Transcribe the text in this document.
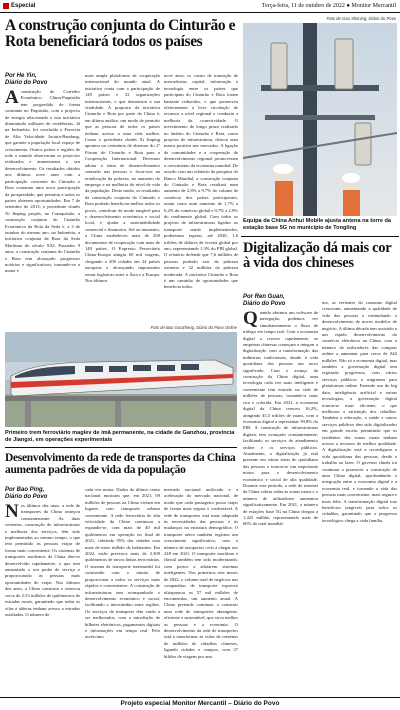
Especial	Terça-feira, 11 de outubro de 2022 ● Monitor Mercantil
A construção conjunta do Cinturão e Rota beneficiará todos os países
Por He Yin,
Diário do Povo
A construção do Corredor Económico China-Paquistão tem progredido de forma constante no Paquistão, com o projecto de energia relacionado a esta iniciativa diminuindo milhares de residências. Já na Indonésia, foi concluída a Ferrovia de Alta Velocidade Jacarta-Bandung, que garante a população local espaço de crescimento. Outros países e regiões de todo o mundo observaram os projectos realizados e aumentaram o seu desenvolvimento. Os resultados obtidos nos últimos nove anos com a participação crescente do Cinturão e Rota contaram uma nova participação da prosperidade, que permitiu a todos os países obterem oportunidades. Em 7 de setembro de 2013, o presidente chinês Xi Jinping propôs, no Cazaquistão, a construção conjunta do Cinturão Económico da Rota da Seda e, a 3 de outubro do mesmo ano, na Indonésia, a iniciativa conjunta da Rota da Seda Marítima do século XXI. Passados 9 anos, a construção conjunta do Cinturão e Rota tem alcançado progressos notórios e significativos, tornando-se a maior e

mais ampla plataforma de cooperação internacional do mundo atual. A iniciativa conta com a participação de 149 países e 32 organizações internacionais, o que demonstra a sua vitalidade. A proposta da iniciativa Cinturão e Rota por parte da China é, em última análise, um modo de permitir que as pessoas de todos os países tenham acesso a uma vida melhor. Como o presidente chinês Xi Jinping apontou na cerimónia de abertura do 2º Fórum do Cinturão e Rota para a Cooperação Internacional: Devemos adotar a ideia de desenvolvimento centrado nas pessoas e focar-nos na erradicação da pobreza, no aumento do emprego e na melhoria do nível de vida da população. Deste modo, os resultados da construção conjunta do Cinturão e Rota poderão beneficiar melhor todos os povos, contribuir de modo tangível para o desenvolvimento económico e social local, e ajudar a sustentabilidade comercial e financeira. Até ao momento, a China estabeleceu mais de 200 documentos de cooperação com mais de 149 países. O Expresso Ferroviário China-Europa atingiu 60 mil viagens, chegando a 200 cidades em 24 países europeus e alcançando importantes zonas logísticas entre a Ásia e a Europa. Nos últimos
nove anos, os custos de transação de mercadorias, capital, informação e tecnologia entre os países que participam do Cinturão e Rota foram bastante reduzidos, o que promoveu efetivamente a livre circulação de recursos a nível regional e conduziu a melhoria da conectividade. O investimento de longo prazo realizado no âmbito do Cinturão e Rota, como projetos de infraestrutura, deixou uma marca positiva nos mercados. A ligação de comunidades e a cooperação de desenvolvimento regional promoveram o crescimento da economia mundial. De acordo com um relatório da pesquisa do Banco Mundial, a construção conjunta do Cinturão e Rota resultará num aumento de 2,8% a 9,7% do volume de comércio dos países participantes, assim como num aumento de 1,7% a 6,2% do comércio global e 0,7% a 2,9% do rendimento global. Com todos os projetos de infraestruturas ligados ao transporte sendo implementados, poderemos esperar, até 2030, 1,6 triliões de dólares de receita global por ano, representando 1,3% do PIB global. O relatório defende que 7,6 milhões de pessoas poderão sair da pobreza extrema e 32 milhões da pobreza moderada. A iniciativa Cinturão e Rota é um caminho de oportunidades que beneficia todos.
Foto de Gao Shiming, Diário do Povo
Equipa da China Anhui Mobile ajusta antena na torre da estação base 5G no município de Tongling
Digitalização dá mais cor à vida dos chineses
Por Ren Guan,
Diário do Povo
Q uando abrimos um software de navegação, podemos ver simultaneamente o fluxo de tráfego em tempo real. Com a economia digital a crescer rapidamente, as empresas chinesas começam a integrar a digitalização com a transformação das indústrias tradicionais, dando à vida quotidiana das pessoas um novo significado. Com o avanço da construção da China digital, uma tecnologia cada vez mais inteligente e conveniente tem entrado na vida de milhões de pessoas, tornando-a mais rica e colorida. Em 2021, a economia digital da China cresceu 16,2%, atingindo 45,5 triliões de yuans, com a economia digital a representar 39,8% do PIB. A construção de infraestruturas digitais tem avançado constantemente, facilitando os serviços de atendimento online e os serviços públicos. Atualmente, a digitalização já está presente em várias áreas do quotidiano das pessoas e tornou-se um importante motor para o desenvolvimento económico e social de alta qualidade. Durante este período, a rede de internet da China cobriu todas as zonas rurais e o número de utilizadores aumentou significativamente. Em 2021, o número de estações base 5G na China chegou a 1,425 milhão, representando mais de 60% do total mundial.

mo, as vertentes do consumo digital cresceram, aumentando a qualidade de vida das pessoas e estimulando o desenvolvimento de novos modelos de negócio. A última década tem assistido a um rápido desenvolvimento do comércio eletrónico na China, com o número de utilizadores das compras online a aumentar para cerca de 842 milhões. Não só a economia digital, mas também a governação digital tem registado progressos, com vários serviços públicos a migrarem para plataformas online. Fazendo uso do big data, inteligência artificial e outras tecnologias, a governação digital tornou-se mais eficiente, o que melhorou a satisfação dos cidadãos. Também a educação, a saúde e outros serviços públicos têm sido digitalizados em grande escala, permitindo que os residentes das zonas rurais tenham acesso a recursos de melhor qualidade. A digitalização está a reconfigurar a vida quotidiana das pessoas, desde o trabalho ao lazer. O governo chinês irá continuar a promover a construção de uma China digital, aprofundando a integração entre a economia digital e a economia real, e tornando a vida das pessoas mais conveniente, mais segura e mais feliz. A transformação digital traz benefícios tangíveis para todos os cidadãos, garantindo que o progresso tecnológico chega a cada família.
Foto de Bao Guozheng, Diário do Povo Online
Primeiro trem ferroviário maglev de ímã permanente, na cidade de Ganzhou, província de Jiangxi, em operações experimentais
Desenvolvimento da rede de transportes da China aumenta padrões de vida da população
Por Bao Ping,
Diário do Povo
N os últimos dez anos, a rede de transportes da China avançou constantemente. As duas vertentes, construção de infraestruturas e melhoria dos serviços, têm sido implementadas ao mesmo tempo, o que tem permitido às pessoas viajar de forma mais conveniente. Os sistemas de transportes modernos da China têm-se desenvolvido rapidamente, o que tem aumentado o seu poder de serviço e proporcionado às pessoas mais oportunidades de viajar. Nos últimos dez anos, a China construiu e renovou cerca de 2,53 milhões de quilómetros de estradas rurais, garantindo que todas as vilas e aldeias tenham acesso a estradas asfaltadas. O número de

cada vez maior. Dados do último censo nacional mostram que, em 2021, 69 milhões de pessoas na China viviam em lugares com transporte urbano conveniente. A rede ferroviária de alta velocidade da China continuou a expandir-se, com mais de 40 mil quilómetros em operação no final de 2021, cobrindo 95% das cidades com mais de meio milhão de habitantes. Em 2022, estão previstos mais de 3.300 quilómetros de novas linhas ferroviárias. O sistema de transporte intermodal foi construído com o intuito de proporcionar a todos os serviços mais rápidos e convenientes. A construção de infraestruturas tem acompanhado o desenvolvimento económico e social, facilitando o intercâmbio entre regiões. Os serviços de transporte têm vindo a ser melhorados, com a introdução de bilhetes eletrónicos, pagamentos digitais e informações em tempo real. Pelo acréscimo
mercado nacional unificado e a aceleração do mercado nacional, de modo que cada passageiro possa viajar de forma mais segura e confortável. A rede de transportes está mais adaptada às necessidades das pessoas e às mudanças na estrutura demográfica. O transporte aéreo também registou um crescimento significativo, com o número de aeroportos civis a chegar aos 248 em 2021. O transporte marítimo e fluvial também tem sido modernizado, com portos a adotarem sistemas inteligentes. Nos primeiros sete meses de 2022, o volume total de negócios nas companhias de transporte expresso ultrapassou os 57 mil milhões de encomendas, um aumento anual. A China pretende continuar a construir uma rede de transportes abrangente, eficiente e sustentável, que sirva melhor as pessoas e a economia. O desenvolvimento da rede de transportes está a transformar as vidas de centenas de milhões de cidadãos chineses, ligando cidades e campos, com 37 biliões de viagens por ano.
Projeto especial Monitor Mercantil – Diário do Povo
